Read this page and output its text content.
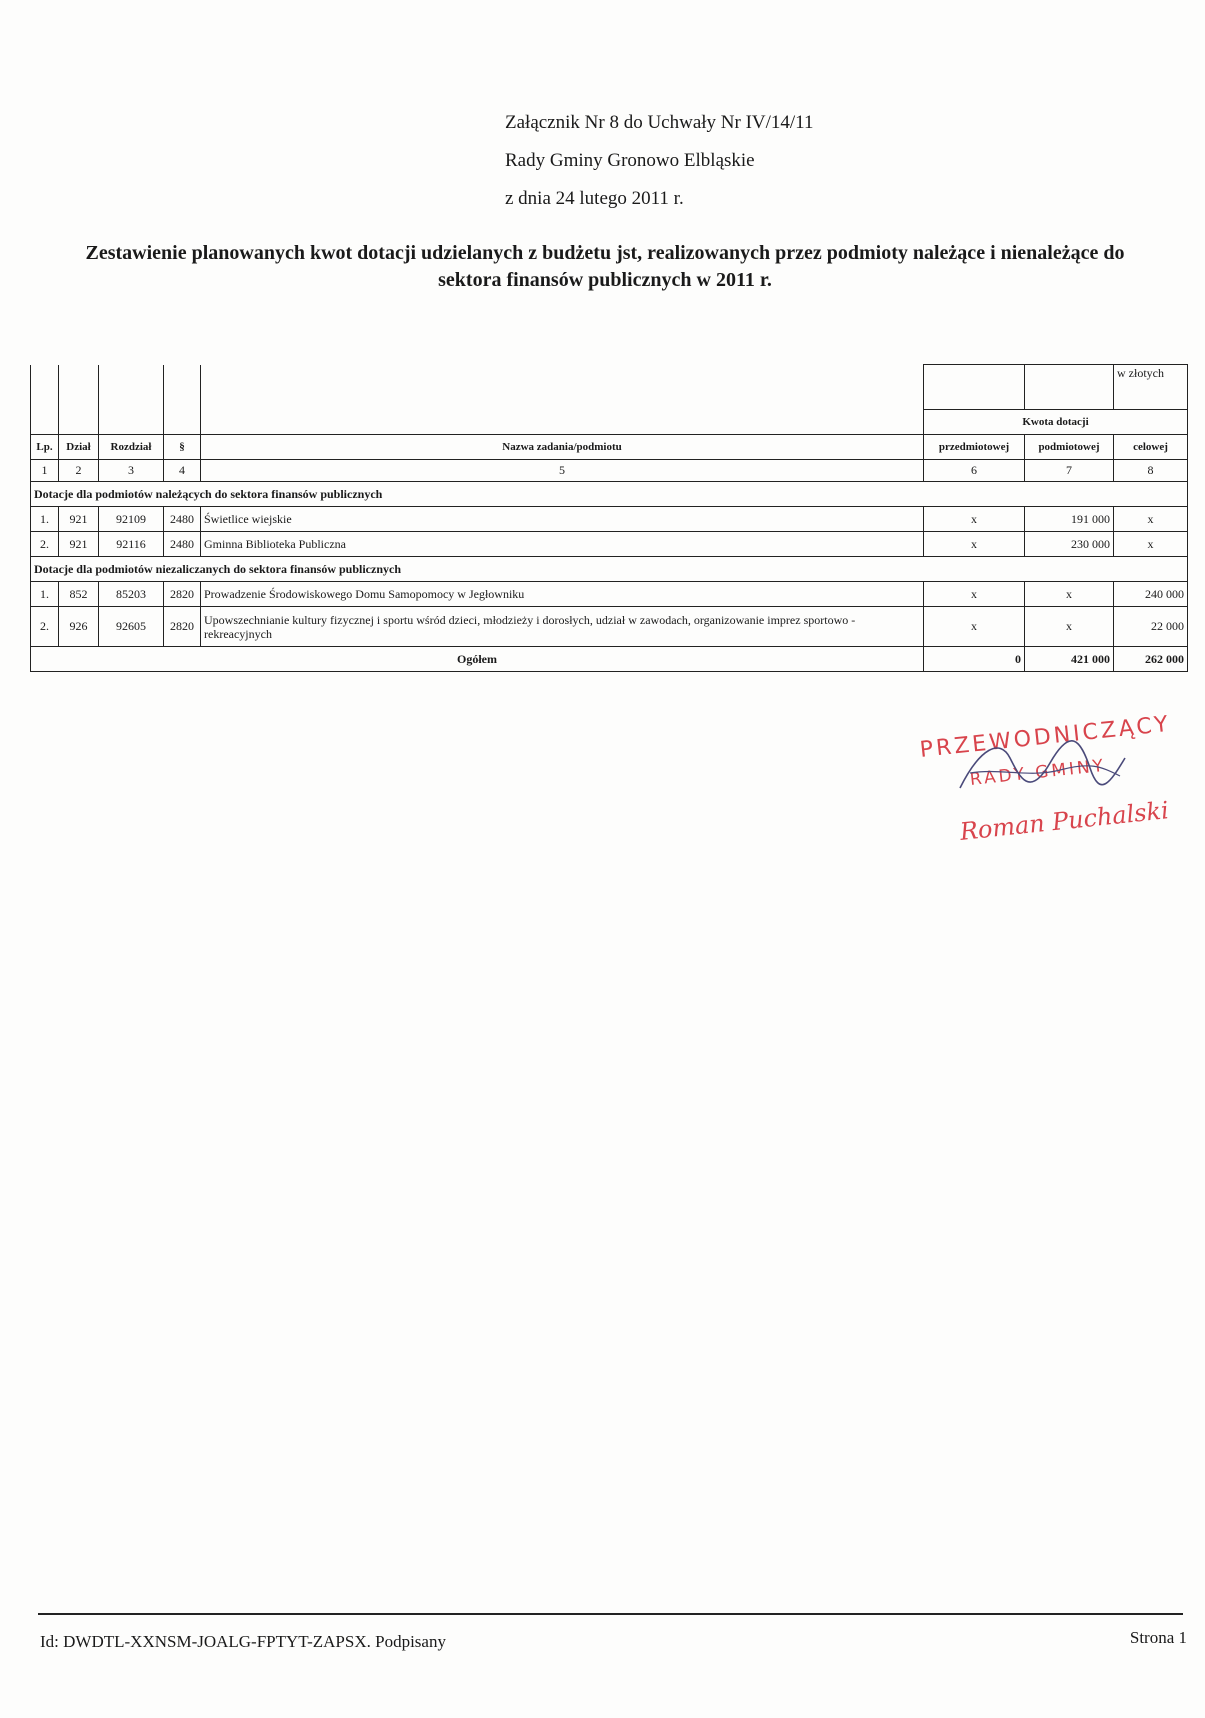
Załącznik Nr 8 do Uchwały Nr IV/14/11
Rady Gminy Gronowo Elbląskie
z dnia 24 lutego 2011 r.
Zestawienie planowanych kwot dotacji udzielanych z budżetu jst, realizowanych przez podmioty należące i nienależące do
sektora finansów publicznych w 2011 r.
							w złotych
					Kwota dotacji		
Lp.	Dział	Rozdział	§	Nazwa zadania/podmiotu	przedmiotowej	podmiotowej	celowej
1	2	3	4	5	6	7	8
Dotacje dla podmiotów należących do sektora finansów publicznych							
1.	921	92109	2480	Świetlice wiejskie	x	191 000	x
2.	921	92116	2480	Gminna Biblioteka Publiczna	x	230 000	x
Dotacje dla podmiotów niezaliczanych do sektora finansów publicznych							
1.	852	85203	2820	Prowadzenie Środowiskowego Domu Samopomocy w Jegłowniku	x	x	240 000
2.	926	92605	2820	Upowszechnianie kultury fizycznej i sportu wśród dzieci, młodzieży i dorosłych, udział w zawodach, organizowanie imprez sportowo - rekreacyjnych	x	x	22 000
Ogółem					0	421 000	262 000
PRZEWODNICZĄCY
RADY GMINY
Roman Puchalski
Id: DWDTL-XXNSM-JOALG-FPTYT-ZAPSX. Podpisany	Strona 1
